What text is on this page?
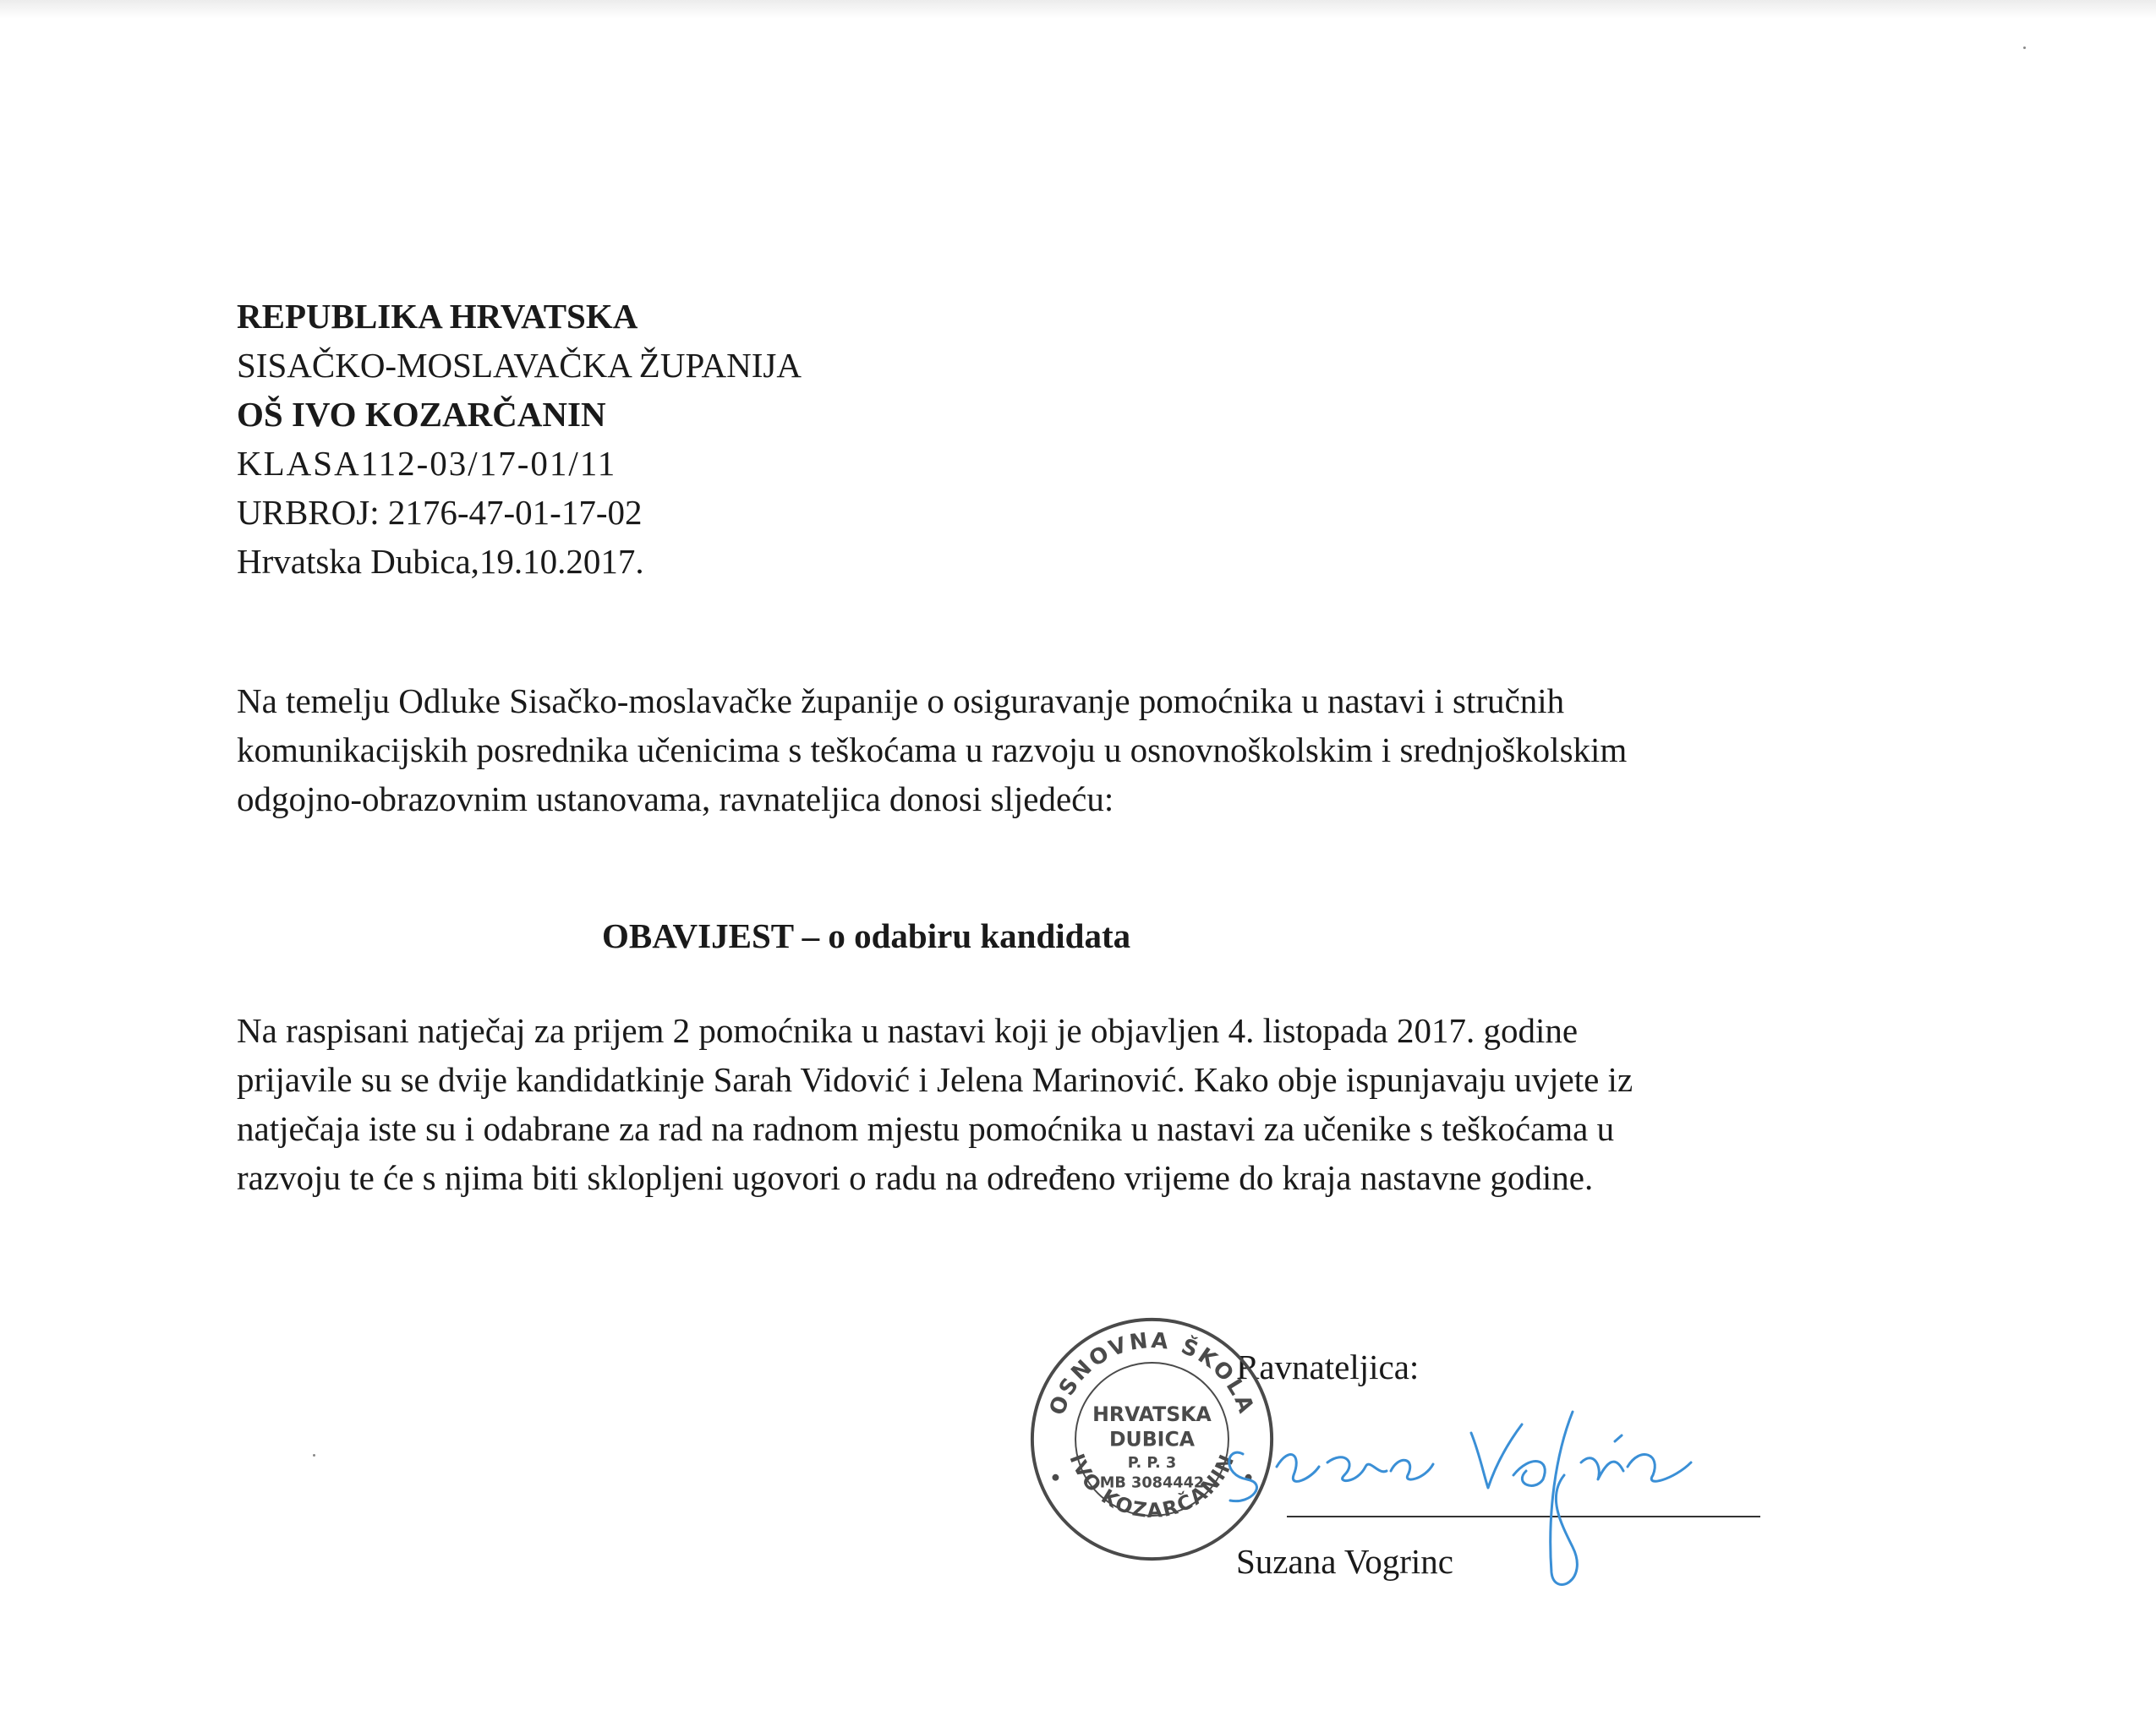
REPUBLIKA HRVATSKA
SISAČKO-MOSLAVAČKA ŽUPANIJA
OŠ IVO KOZARČANIN
KLASA112-03/17-01/11
URBROJ: 2176-47-01-17-02
Hrvatska Dubica,19.10.2017.
Na temelju Odluke Sisačko-moslavačke županije o osiguravanje pomoćnika u nastavi i stručnih
komunikacijskih posrednika učenicima s teškoćama u razvoju u osnovnoškolskim i srednjoškolskim
odgojno-obrazovnim ustanovama, ravnateljica donosi sljedeću:
OBAVIJEST – o odabiru kandidata
Na raspisani natječaj za prijem 2 pomoćnika u nastavi koji je objavljen 4. listopada 2017. godine
prijavile su se dvije kandidatkinje Sarah Vidović i Jelena Marinović. Kako obje ispunjavaju uvjete iz
natječaja iste su i odabrane za rad na radnom mjestu pomoćnika u nastavi za učenike s teškoćama u
razvoju te će s njima biti sklopljeni ugovori o radu na određeno vrijeme do kraja nastavne godine.
Ravnateljica:
Suzana Vogrinc
OSNOVNA ŠKOLA
IVO KOZARČANIN
HRVATSKA
DUBICA
P. P. 3
MB 3084442
